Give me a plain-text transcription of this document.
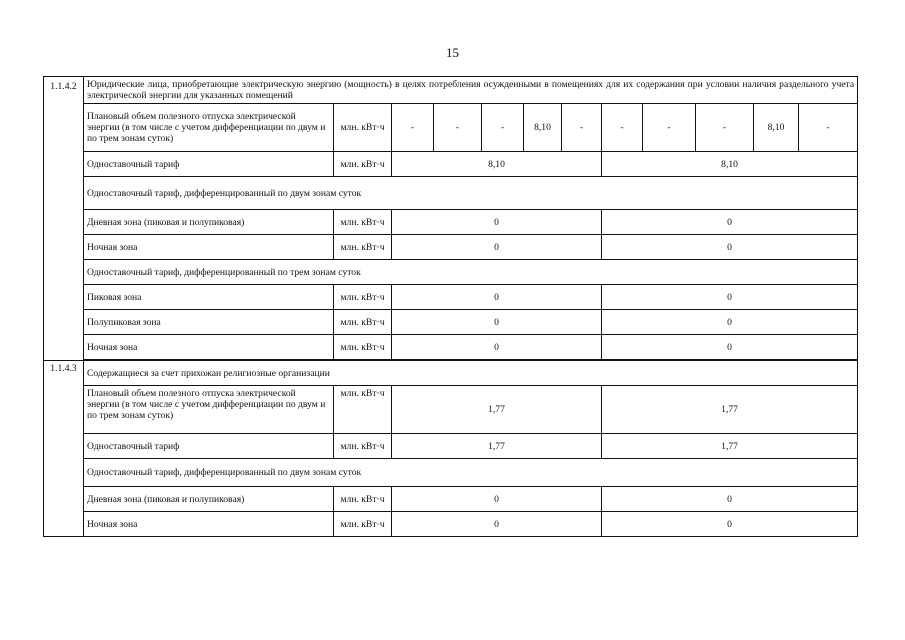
15
1.1.4.2	Юридические лица, приобретающие электрическую энергию (мощность) в целях потребления осужденными в помещениях для их содержания при условии наличия раздельного учета электрической энергии для указанных помещений											
	Плановый объем полезного отпуска электрической энергии (в том числе с учетом дифференциации по двум и по трем зонам суток)	млн. кВт·ч	-	-	-	8,10	-	-	-	-	8,10	-
	Одноставочный тариф	млн. кВт·ч	8,10					8,10				
	Одноставочный тариф, дифференцированный по двум зонам суток											
	Дневная зона (пиковая и полупиковая)	млн. кВт·ч	0					0				
	Ночная зона	млн. кВт·ч	0					0				
	Одноставочный тариф, дифференцированный по трем зонам суток											
	Пиковая зона	млн. кВт·ч	0					0				
	Полупиковая зона	млн. кВт·ч	0					0				
	Ночная зона	млн. кВт·ч	0					0				

1.1.4.3	Содержащиеся за счет прихожан религиозные организации											
	Плановый объем полезного отпуска электрической энергии (в том числе с учетом дифференциации по двум и по трем зонам суток)	млн. кВт·ч	1,77					1,77				
	Одноставочный тариф	млн. кВт·ч	1,77					1,77				
	Одноставочный тариф, дифференцированный по двум зонам суток											
	Дневная зона (пиковая и полупиковая)	млн. кВт·ч	0					0				
	Ночная зона	млн. кВт·ч	0					0				
